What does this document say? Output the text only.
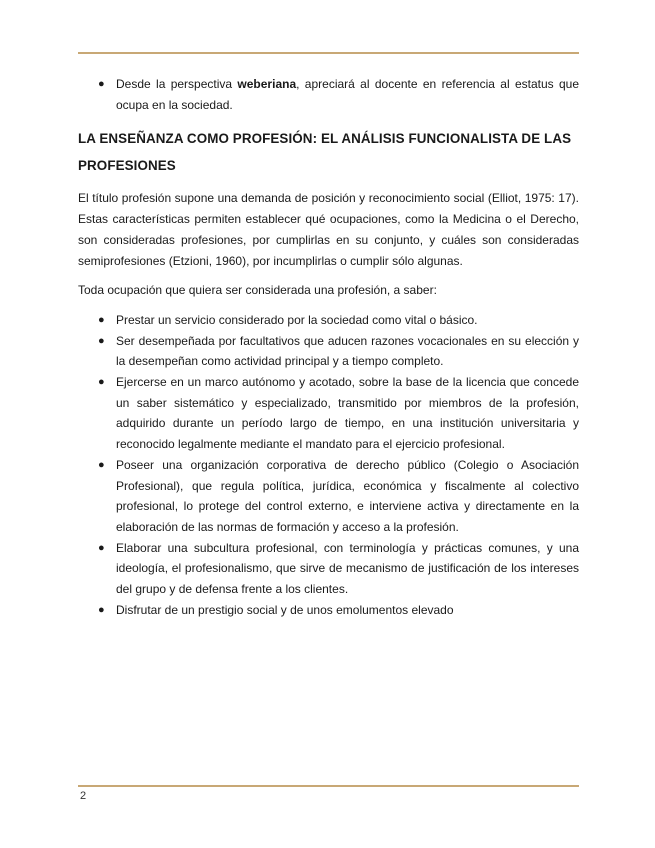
● Desde la perspectiva weberiana, apreciará al docente en referencia al estatus que ocupa en la sociedad.
LA ENSEÑANZA COMO PROFESIÓN: EL ANÁLISIS FUNCIONALISTA DE LAS PROFESIONES

El título profesión supone una demanda de posición y reconocimiento social (Elliot, 1975: 17). Estas características permiten establecer qué ocupaciones, como la Medicina o el Derecho, son consideradas profesiones, por cumplirlas en su conjunto, y cuáles son consideradas semiprofesiones (Etzioni, 1960), por incumplirlas o cumplir sólo algunas.

Toda ocupación que quiera ser considerada una profesión, a saber:

● Prestar un servicio considerado por la sociedad como vital o básico.
● Ser desempeñada por facultativos que aducen razones vocacionales en su elección y la desempeñan como actividad principal y a tiempo completo.
● Ejercerse en un marco autónomo y acotado, sobre la base de la licencia que concede un saber sistemático y especializado, transmitido por miembros de la profesión, adquirido durante un período largo de tiempo, en una institución universitaria y reconocido legalmente mediante el mandato para el ejercicio profesional.
● Poseer una organización corporativa de derecho público (Colegio o Asociación Profesional), que regula política, jurídica, económica y fiscalmente al colectivo profesional, lo protege del control externo, e interviene activa y directamente en la elaboración de las normas de formación y acceso a la profesión.
● Elaborar una subcultura profesional, con terminología y prácticas comunes, y una ideología, el profesionalismo, que sirve de mecanismo de justificación de los intereses del grupo y de defensa frente a los clientes.
● Disfrutar de un prestigio social y de unos emolumentos elevado
2
